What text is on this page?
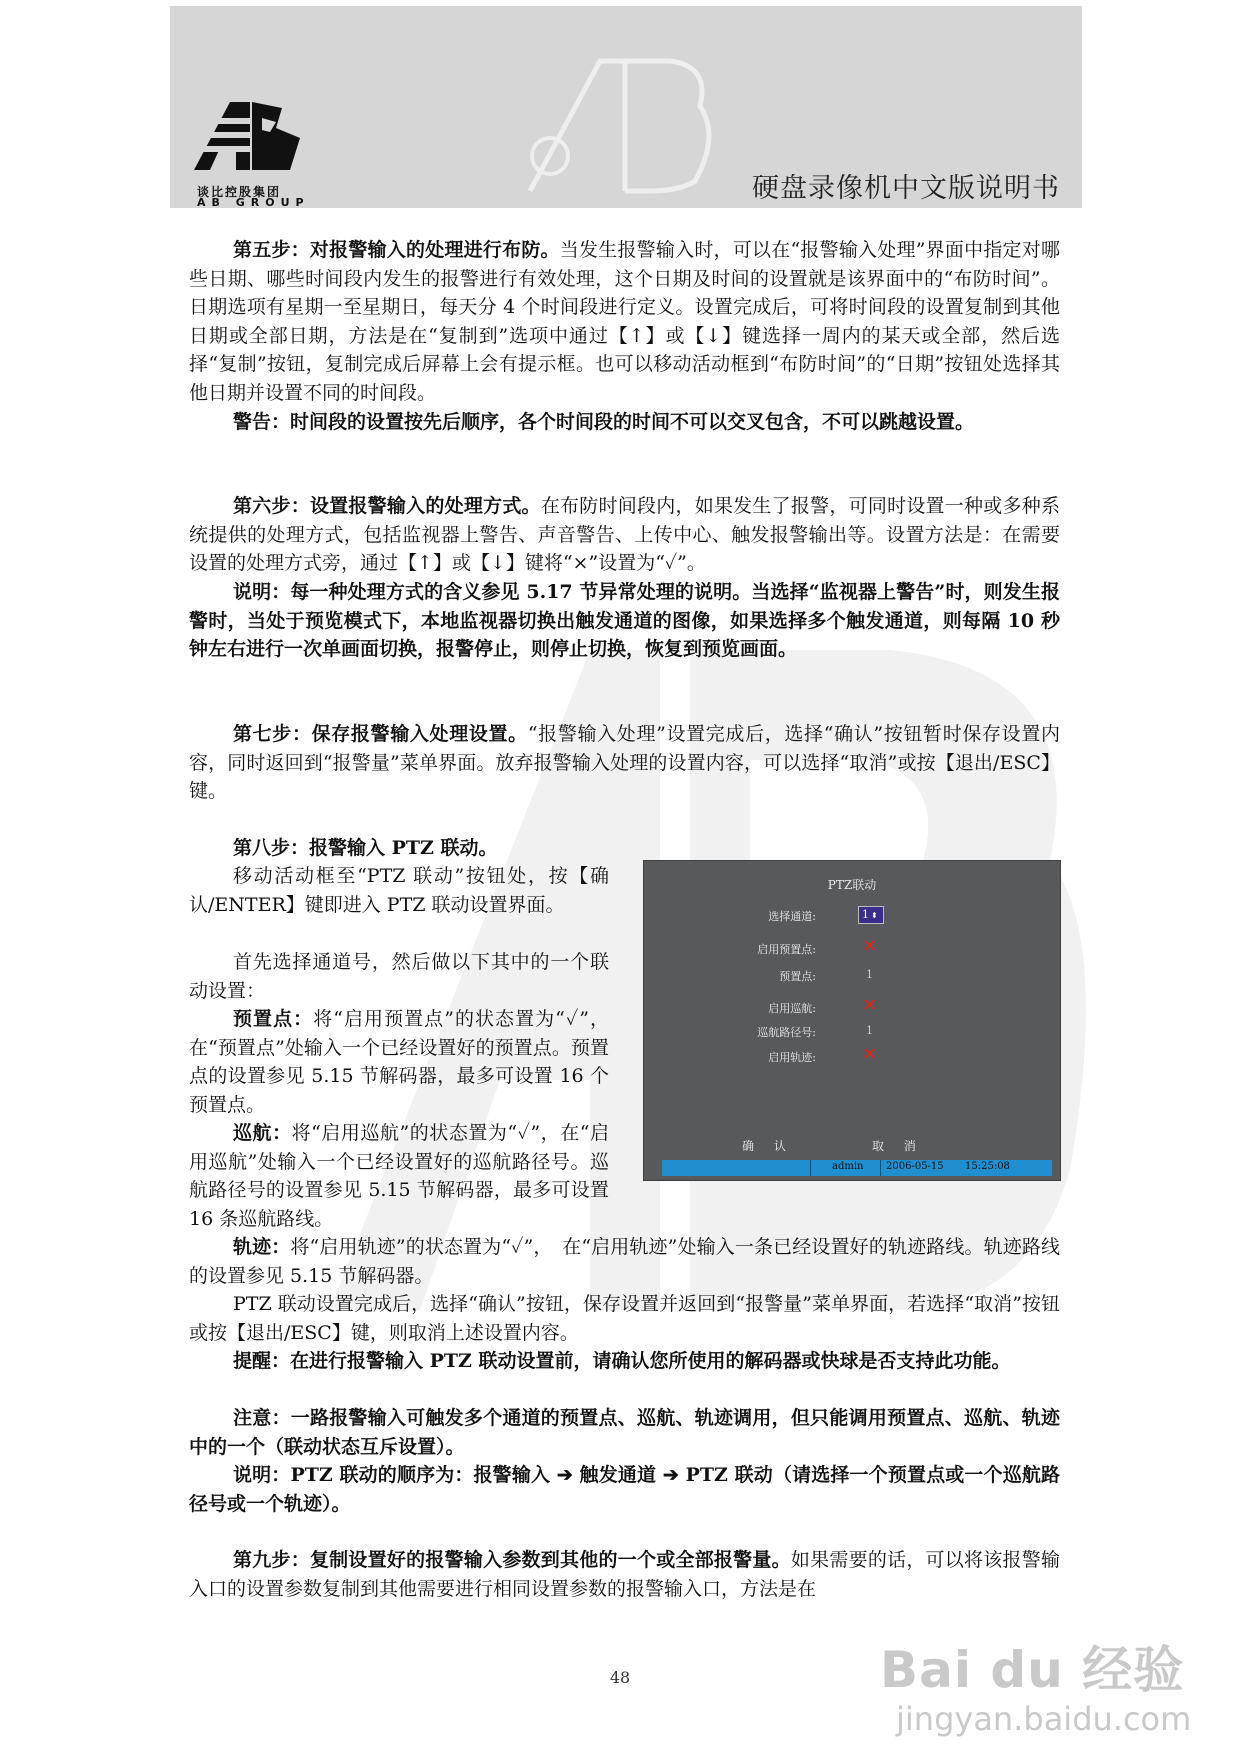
谈比控股集团
AB GROUP	硬盘录像机中文版说明书

第五步：对报警输入的处理进行布防。当发生报警输入时，可以在“报警输入处理”界面中指定对哪些日期、哪些时间段内发生的报警进行有效处理，这个日期及时间的设置就是该界面中的“布防时间”。日期选项有星期一至星期日，每天分 4 个时间段进行定义。设置完成后，可将时间段的设置复制到其他日期或全部日期，方法是在“复制到”选项中通过【↑】或【↓】键选择一周内的某天或全部，然后选择“复制”按钮，复制完成后屏幕上会有提示框。也可以移动活动框到“布防时间”的“日期”按钮处选择其他日期并设置不同的时间段。

警告：时间段的设置按先后顺序，各个时间段的时间不可以交叉包含，不可以跳越设置。

第六步：设置报警输入的处理方式。在布防时间段内，如果发生了报警，可同时设置一种或多种系统提供的处理方式，包括监视器上警告、声音警告、上传中心、触发报警输出等。设置方法是：在需要设置的处理方式旁，通过【↑】或【↓】键将“×”设置为“✓”。

说明：每一种处理方式的含义参见 5.17 节异常处理的说明。当选择“监视器上警告”时，则发生报警时，当处于预览模式下，本地监视器切换出触发通道的图像，如果选择多个触发通道，则每隔 10 秒钟左右进行一次单画面切换，报警停止，则停止切换，恢复到预览画面。

第七步：保存报警输入处理设置。“报警输入处理”设置完成后，选择“确认”按钮暂时保存设置内容，同时返回到“报警量”菜单界面。放弃报警输入处理的设置内容，可以选择“取消”或按【退出/ESC】键。

第八步：报警输入 PTZ 联动。

移动活动框至“PTZ 联动”按钮处，按【确认/ENTER】键即进入 PTZ 联动设置界面。

首先选择通道号，然后做以下其中的一个联动设置：

预置点：将“启用预置点”的状态置为“✓”，在“预置点”处输入一个已经设置好的预置点。预置点的设置参见 5.15 节解码器，最多可设置 16 个预置点。

巡航：将“启用巡航”的状态置为“✓”，在“启用巡航”处输入一个已经设置好的巡航路径号。巡航路径号的设置参见 5.15 节解码器，最多可设置 16 条巡航路线。

轨迹：将“启用轨迹”的状态置为“✓”，　在“启用轨迹”处输入一条已经设置好的轨迹路线。轨迹路线的设置参见 5.15 节解码器。

PTZ 联动设置完成后，选择“确认”按钮，保存设置并返回到“报警量”菜单界面，若选择“取消”按钮或按【退出/ESC】键，则取消上述设置内容。

提醒：在进行报警输入 PTZ 联动设置前，请确认您所使用的解码器或快球是否支持此功能。

注意：一路报警输入可触发多个通道的预置点、巡航、轨迹调用，但只能调用预置点、巡航、轨迹中的一个（联动状态互斥设置）。

说明：PTZ 联动的顺序为：报警输入 ➔ 触发通道 ➔ PTZ 联动（请选择一个预置点或一个巡航路径号或一个轨迹）。

第九步：复制设置好的报警输入参数到其他的一个或全部报警量。如果需要的话，可以将该报警输入口的设置参数复制到其他需要进行相同设置参数的报警输入口，方法是在

PTZ联动
选择通道:	1 ⬍
启用预置点:	✕
预置点:	1
启用巡航:	✕
巡航路径号:	1
启用轨迹:	✕
确 认	取 消
admin 2006-05-15 15:25:08
48	Bai du 经验
jingyan.baidu.com
